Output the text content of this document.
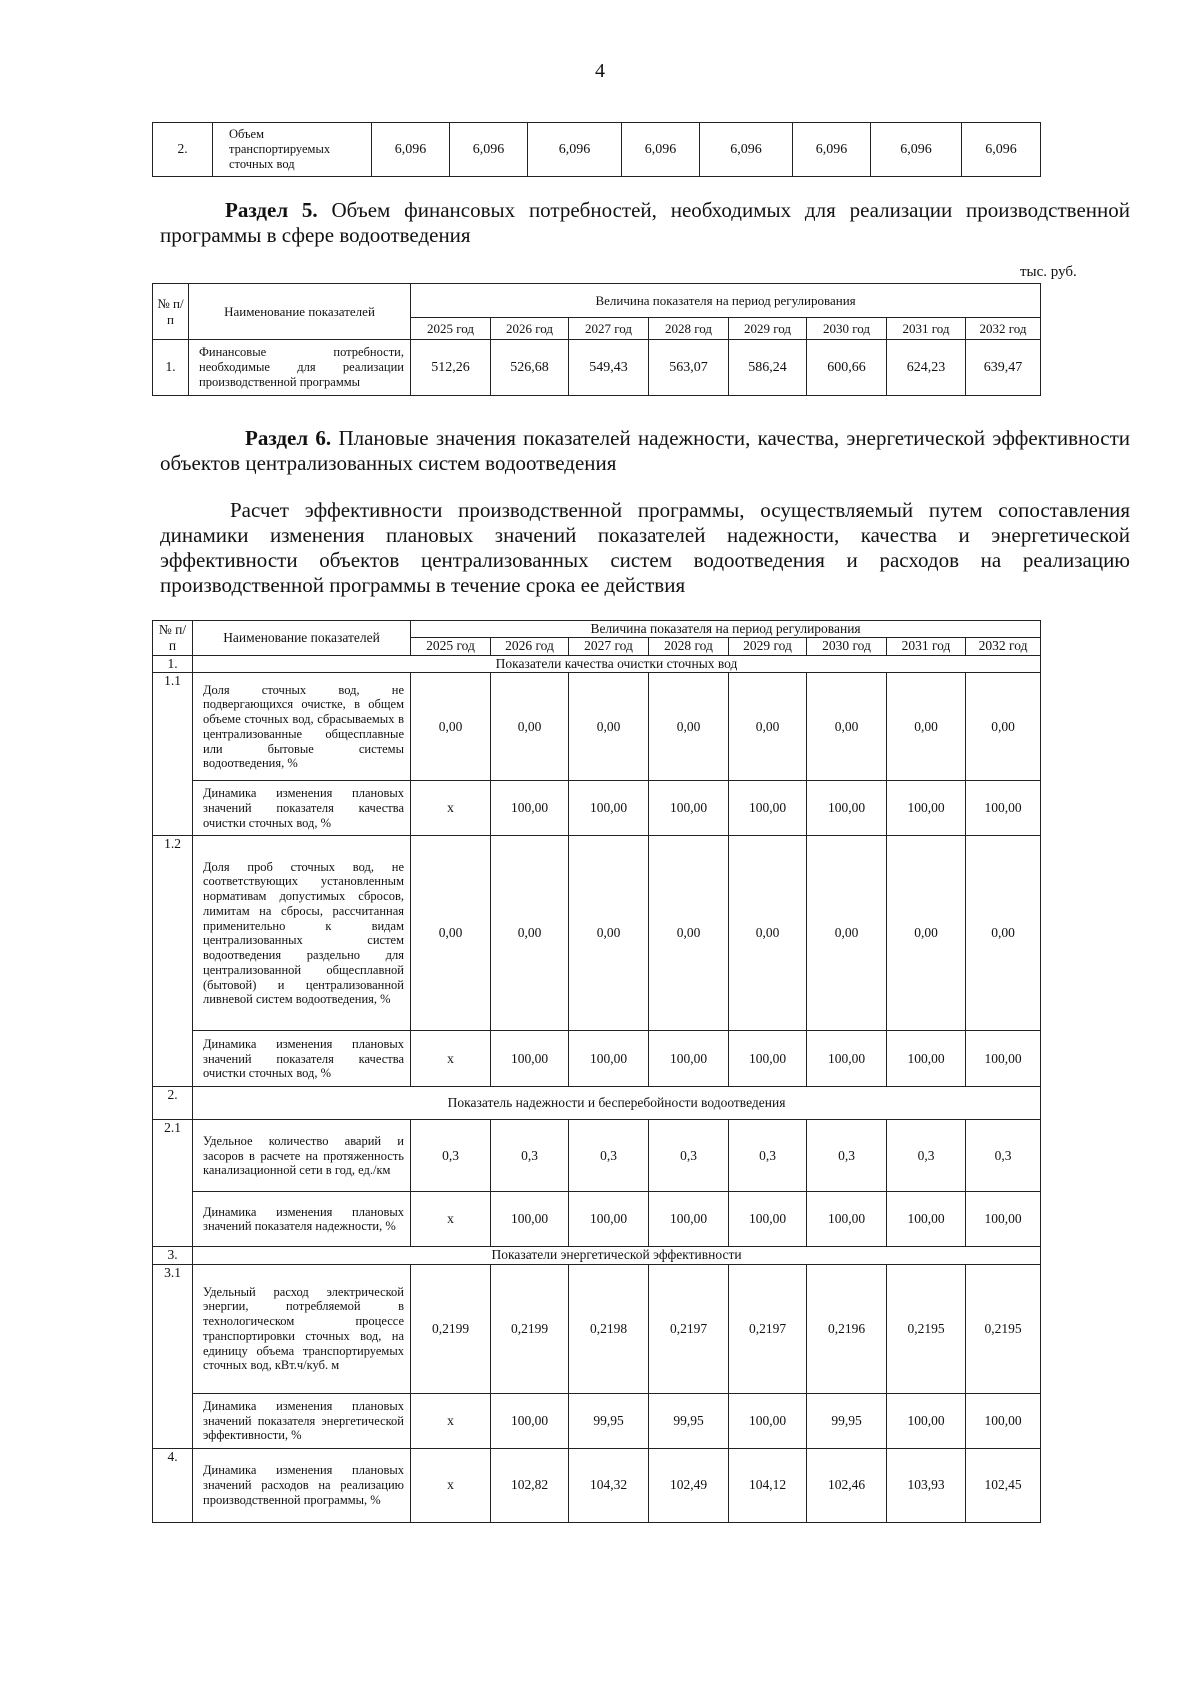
4
2.	Объем транспортируемых сточных вод	6,096	6,096	6,096	6,096	6,096	6,096	6,096	6,096
Раздел 5. Объем финансовых потребностей, необходимых для реализации производственной программы в сфере водоотведения
тыс. руб.
№ п/ п	Наименование показателей	Величина показателя на период регулирования							
		2025 год	2026 год	2027 год	2028 год	2029 год	2030 год	2031 год	2032 год
1.	Финансовые потребности, необходимые для реализации производственной программы	512,26	526,68	549,43	563,07	586,24	600,66	624,23	639,47
Раздел 6. Плановые значения показателей надежности, качества, энергетической эффективности объектов централизованных систем водоотведения
Расчет эффективности производственной программы, осуществляемый путем сопоставления динамики изменения плановых значений показателей надежности, качества и энергетической эффективности объектов централизованных систем водоотведения и расходов на реализацию производственной программы в течение срока ее действия
№ п/п	Наименование показателей	Величина показателя на период регулирования							
		2025 год	2026 год	2027 год	2028 год	2029 год	2030 год	2031 год	2032 год
1.	Показатели качества очистки сточных вод								
1.1	Доля сточных вод, не подвергающихся очистке, в общем объеме сточных вод, сбрасываемых в централизованные общесплавные или бытовые системы водоотведения, %	0,00	0,00	0,00	0,00	0,00	0,00	0,00	0,00
	Динамика изменения плановых значений показателя качества очистки сточных вод, %	x	100,00	100,00	100,00	100,00	100,00	100,00	100,00
1.2	Доля проб сточных вод, не соответствующих установленным нормативам допустимых сбросов, лимитам на сбросы, рассчитанная применительно к видам централизованных систем водоотведения раздельно для централизованной общесплавной (бытовой) и централизованной ливневой систем водоотведения, %	0,00	0,00	0,00	0,00	0,00	0,00	0,00	0,00
	Динамика изменения плановых значений показателя качества очистки сточных вод, %	x	100,00	100,00	100,00	100,00	100,00	100,00	100,00
2.	Показатель надежности и бесперебойности водоотведения								
2.1	Удельное количество аварий и засоров в расчете на протяженность канализационной сети в год, ед./км	0,3	0,3	0,3	0,3	0,3	0,3	0,3	0,3
	Динамика изменения плановых значений показателя надежности, %	x	100,00	100,00	100,00	100,00	100,00	100,00	100,00
3.	Показатели энергетической эффективности								
3.1	Удельный расход электрической энергии, потребляемой в технологическом процессе транспортировки сточных вод, на единицу объема транспортируемых сточных вод, кВт.ч/куб. м	0,2199	0,2199	0,2198	0,2197	0,2197	0,2196	0,2195	0,2195
	Динамика изменения плановых значений показателя энергетической эффективности, %	x	100,00	99,95	99,95	100,00	99,95	100,00	100,00
4.	Динамика изменения плановых значений расходов на реализацию производственной программы, %	x	102,82	104,32	102,49	104,12	102,46	103,93	102,45
